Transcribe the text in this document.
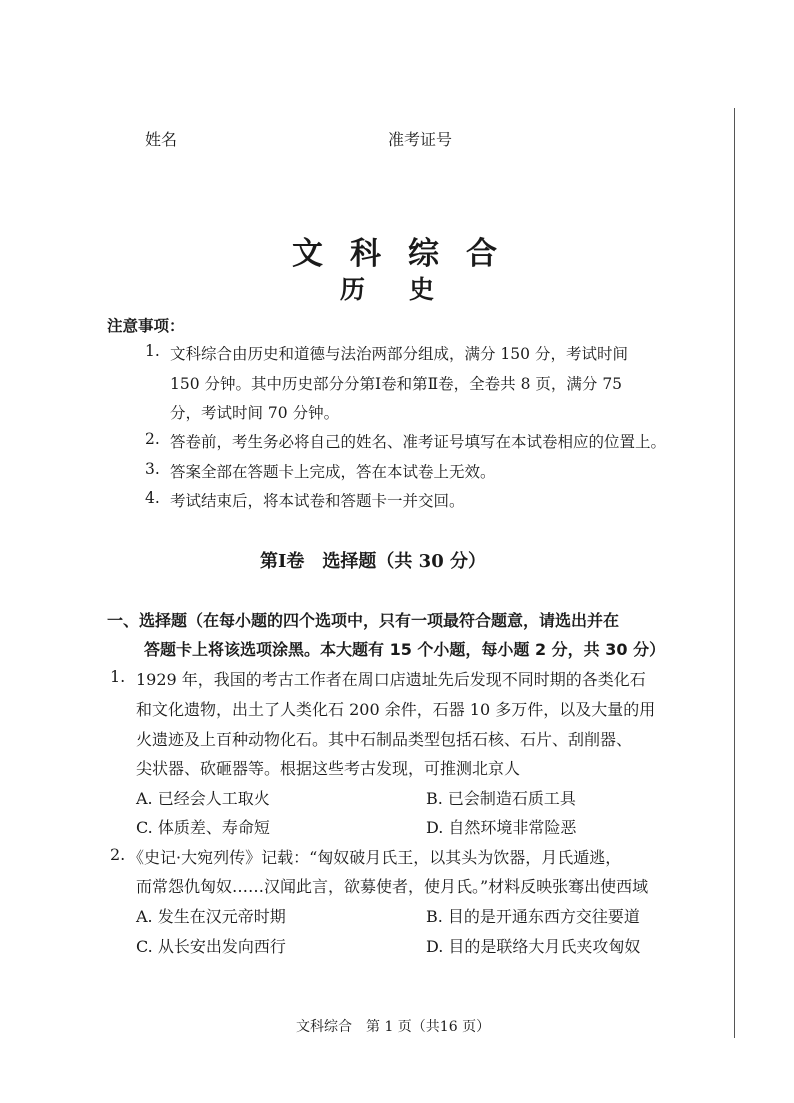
姓名	准考证号
文科综合
历史
注意事项：
1. 文科综合由历史和道德与法治两部分组成，满分 150 分，考试时间
150 分钟。其中历史部分分第Ⅰ卷和第Ⅱ卷，全卷共 8 页，满分 75
分，考试时间 70 分钟。
2. 答卷前，考生务必将自己的姓名、准考证号填写在本试卷相应的位置上。
3. 答案全部在答题卡上完成，答在本试卷上无效。
4. 考试结束后，将本试卷和答题卡一并交回。
第Ⅰ卷　选择题（共 30 分）
一、选择题（在每小题的四个选项中，只有一项最符合题意，请选出并在
答题卡上将该选项涂黑。本大题有 15 个小题，每小题 2 分，共 30 分）
1. 1929 年，我国的考古工作者在周口店遗址先后发现不同时期的各类化石
和文化遗物，出土了人类化石 200 余件，石器 10 多万件，以及大量的用
火遗迹及上百种动物化石。其中石制品类型包括石核、石片、刮削器、
尖状器、砍砸器等。根据这些考古发现，可推测北京人
A. 已经会人工取火	B. 已会制造石质工具
C. 体质差、寿命短	D. 自然环境非常险恶
2. 《史记·大宛列传》记载：“匈奴破月氏王，以其头为饮器，月氏遁逃，
而常怨仇匈奴……汉闻此言，欲募使者，使月氏。”材料反映张骞出使西域
A. 发生在汉元帝时期	B. 目的是开通东西方交往要道
C. 从长安出发向西行	D. 目的是联络大月氏夹攻匈奴
文科综合　第 1 页（共16 页）
